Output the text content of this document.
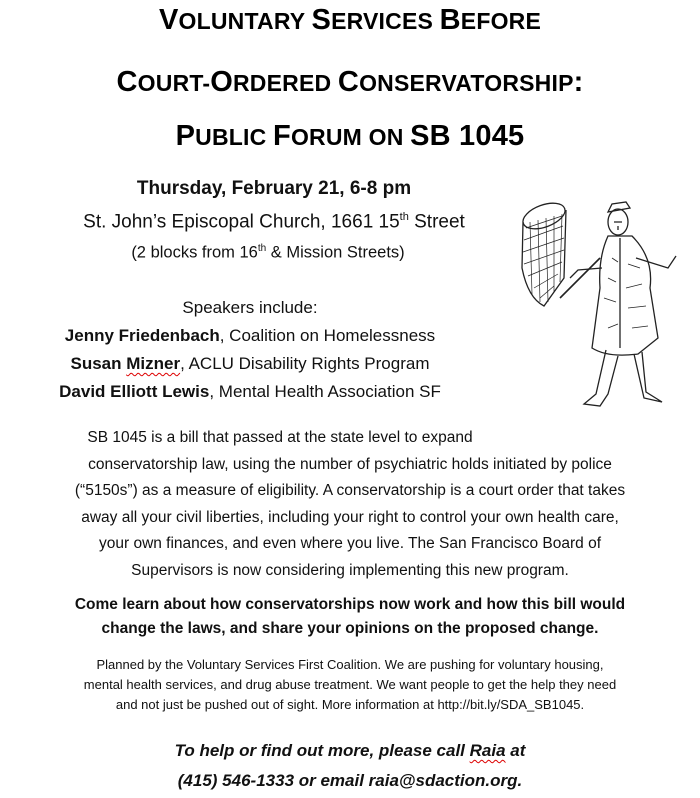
VOLUNTARY SERVICES BEFORE
COURT-ORDERED CONSERVATORSHIP:
PUBLIC FORUM ON SB 1045
Thursday, February 21, 6-8 pm
St. John’s Episcopal Church, 1661 15th Street
(2 blocks from 16th & Mission Streets)
Speakers include:
Jenny Friedenbach, Coalition on Homelessness
Susan Mizner, ACLU Disability Rights Program
David Elliott Lewis, Mental Health Association SF
SB 1045 is a bill that passed at the state level to expand
conservatorship law, using the number of psychiatric holds initiated by police
(“5150s”) as a measure of eligibility. A conservatorship is a court order that takes
away all your civil liberties, including your right to control your own health care,
your own finances, and even where you live. The San Francisco Board of
Supervisors is now considering implementing this new program.
Come learn about how conservatorships now work and how this bill would
change the laws, and share your opinions on the proposed change.
Planned by the Voluntary Services First Coalition. We are pushing for voluntary housing,
mental health services, and drug abuse treatment. We want people to get the help they need
and not just be pushed out of sight. More information at http://bit.ly/SDA_SB1045.
To help or find out more, please call Raia at
(415) 546-1333 or email raia@sdaction.org.
